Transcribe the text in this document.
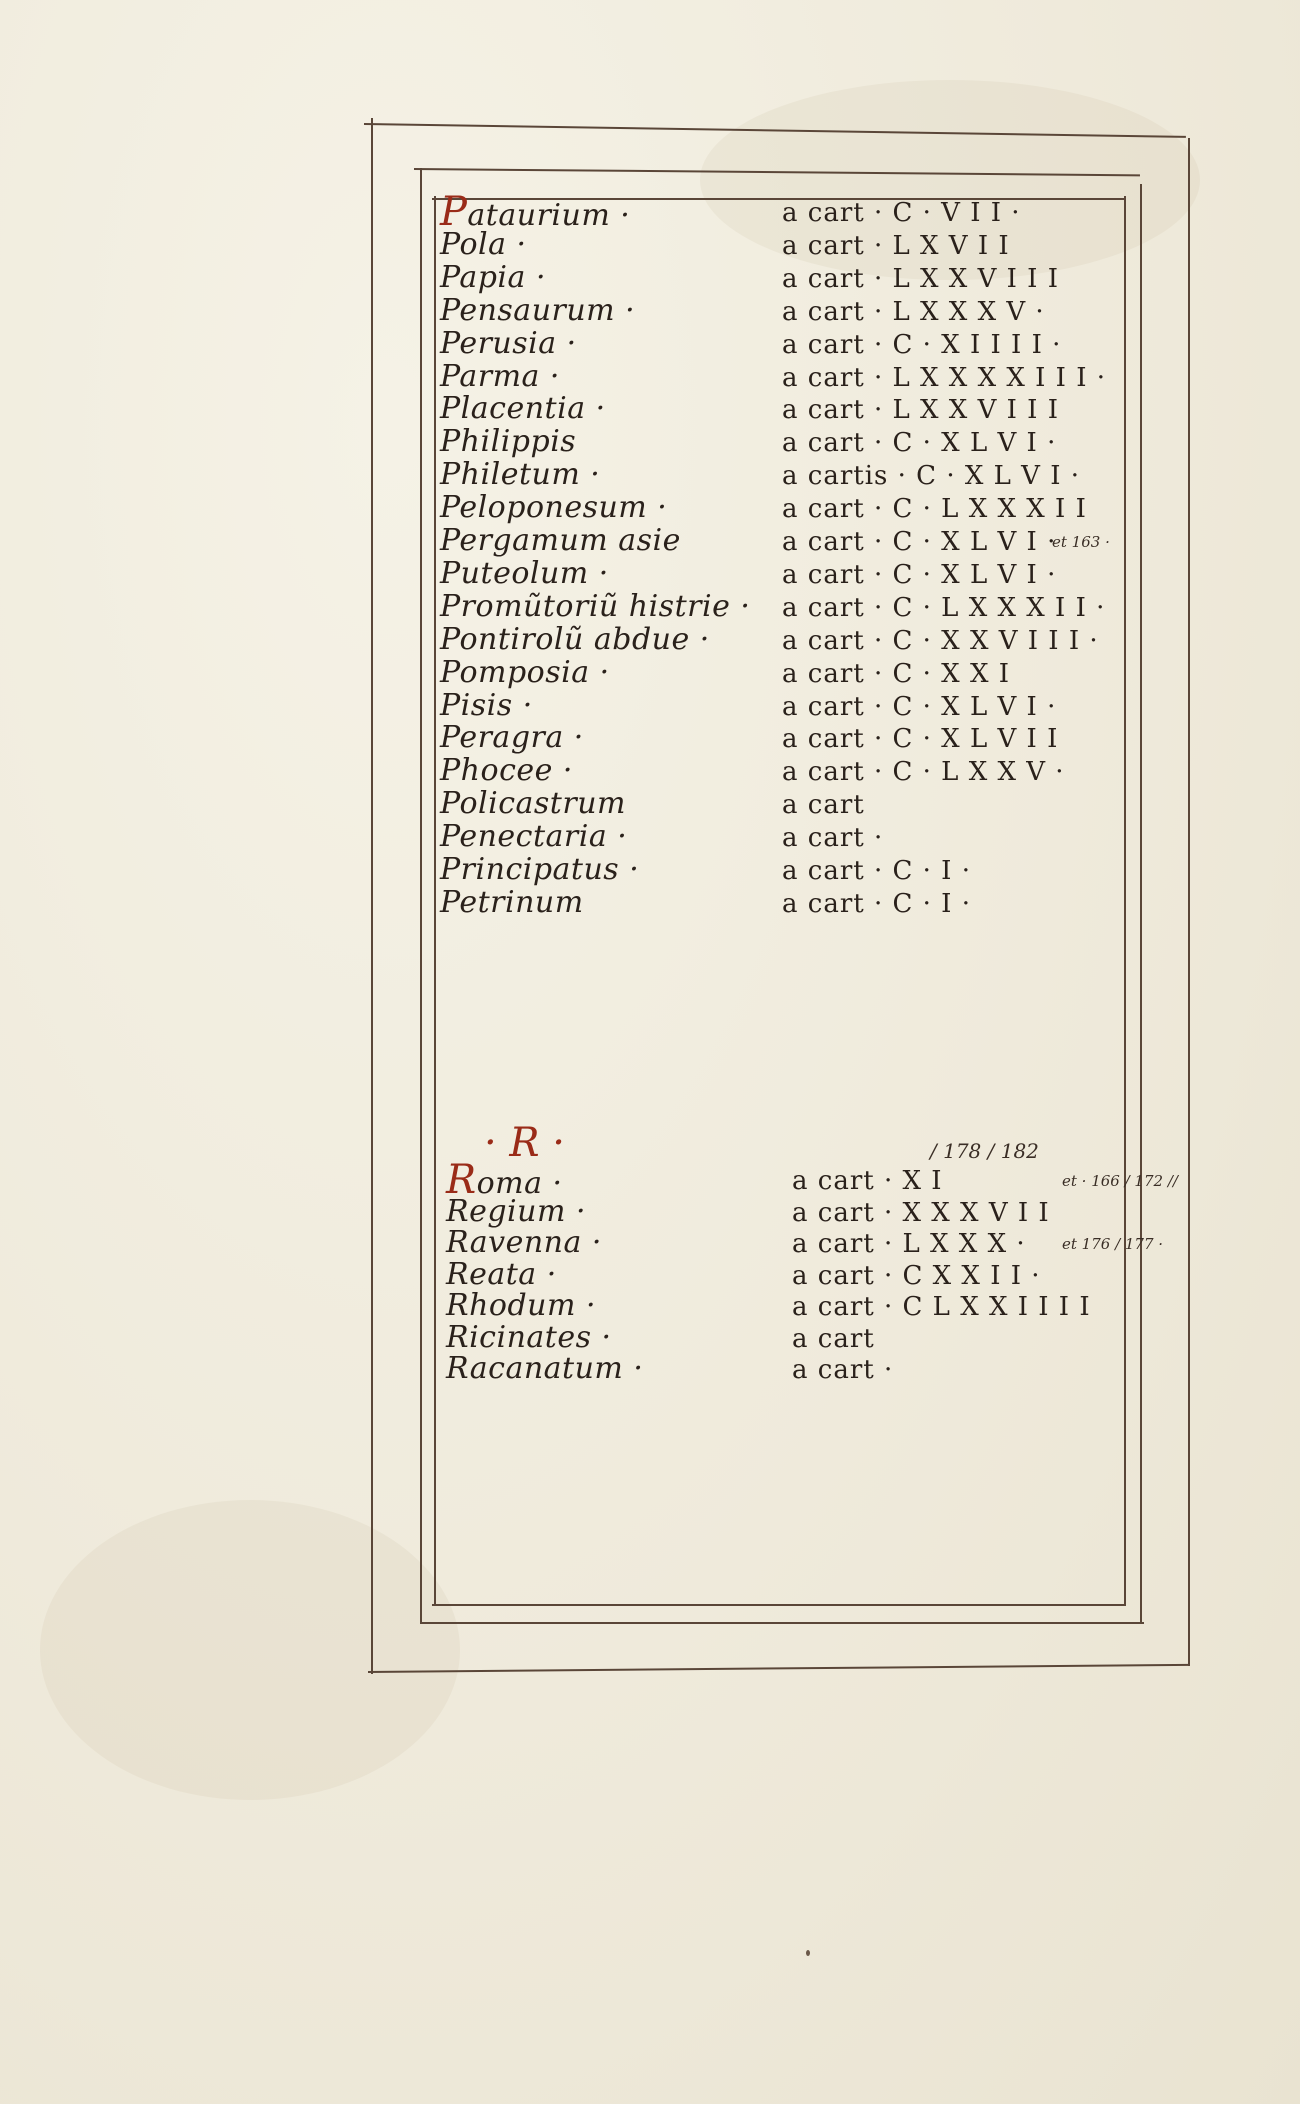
Pataurium ·	a cart · C · V I I ·
Pola ·	a cart · L X V I I
Papia ·	a cart · L X X V I I I
Pensaurum ·	a cart · L X X X V ·
Perusia ·	a cart · C · X I I I I ·
Parma ·	a cart · L X X X X I I I ·
Placentia ·	a cart · L X X V I I I
Philippis	a cart · C · X L V I ·
Philetum ·	a cartis · C · X L V I ·
Peloponesum ·	a cart · C · L X X X I I
Pergamum asie	a cart · C · X L V I ·
et 163 ·
Puteolum ·	a cart · C · X L V I ·
Promũtoriũ histrie · a cart · C · L X X X I I ·
Pontirolũ abdue ·	a cart · C · X X V I I I ·
Pomposia ·	a cart · C · X X I
Pisis ·	a cart · C · X L V I ·
Peragra ·	a cart · C · X L V I I
Phocee ·	a cart · C · L X X V ·
Policastrum	a cart
Penectaria ·	a cart ·
Principatus ·	a cart · C · I ·
Petrinum	a cart · C · I ·
· R ·	/ 178 / 182
Roma ·	a cart · X I	et · 166 / 172 //
Regium ·	a cart · X X X V I I
Ravenna ·	a cart · L X X X · et 176 / 177 ·
Reata ·	a cart · C X X I I ·
Rhodum ·	a cart · C L X X I I I I
Ricinates ·	a cart
Racanatum ·	a cart ·
